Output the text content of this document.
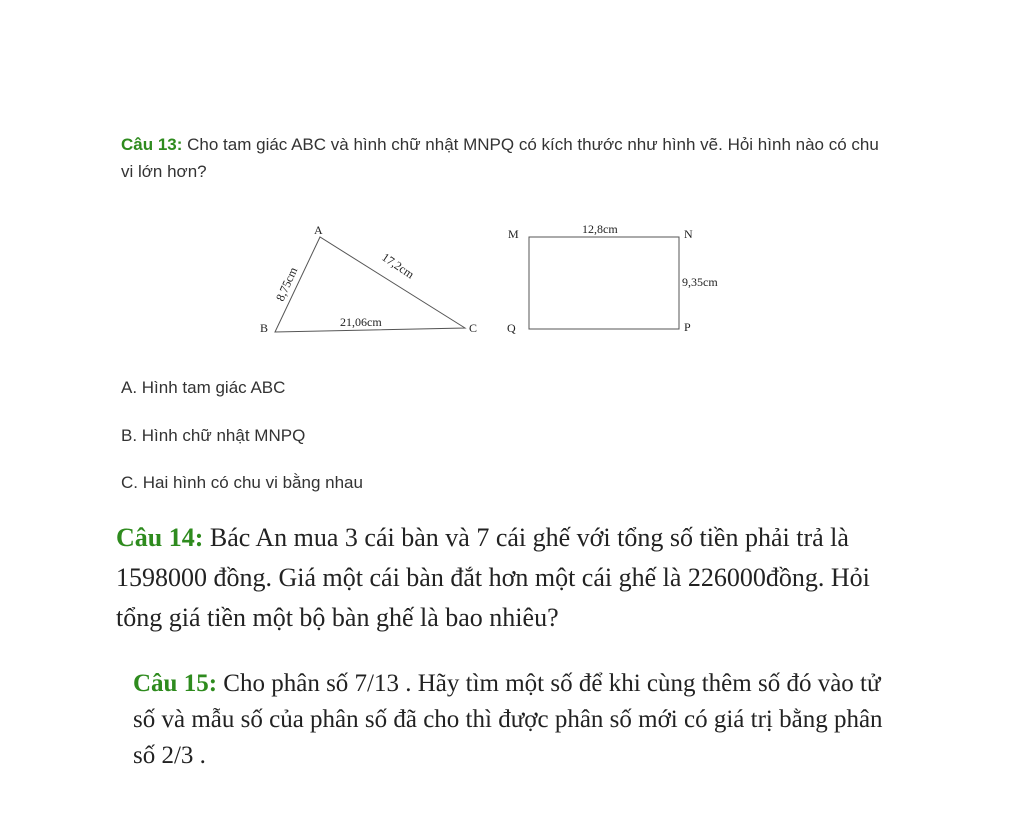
Câu 13: Cho tam giác ABC và hình chữ nhật MNPQ có kích thước như hình vẽ. Hỏi hình nào có chu vi lớn hơn?
A
B	C
8,75cm	17,2cm
21,06cm
M	N
P
Q
12,8cm
9,35cm
A. Hình tam giác ABC
B. Hình chữ nhật MNPQ
C. Hai hình có chu vi bằng nhau
Câu 14: Bác An mua 3 cái bàn và 7 cái ghế với tổng số tiền phải trả là 1598000 đồng. Giá một cái bàn đắt hơn một cái ghế là 226000đồng. Hỏi tổng giá tiền một bộ bàn ghế là bao nhiêu?
Câu 15: Cho phân số 7/13 . Hãy tìm một số để khi cùng thêm số đó vào tử số và mẫu số của phân số đã cho thì được phân số mới có giá trị bằng phân số 2/3 .
